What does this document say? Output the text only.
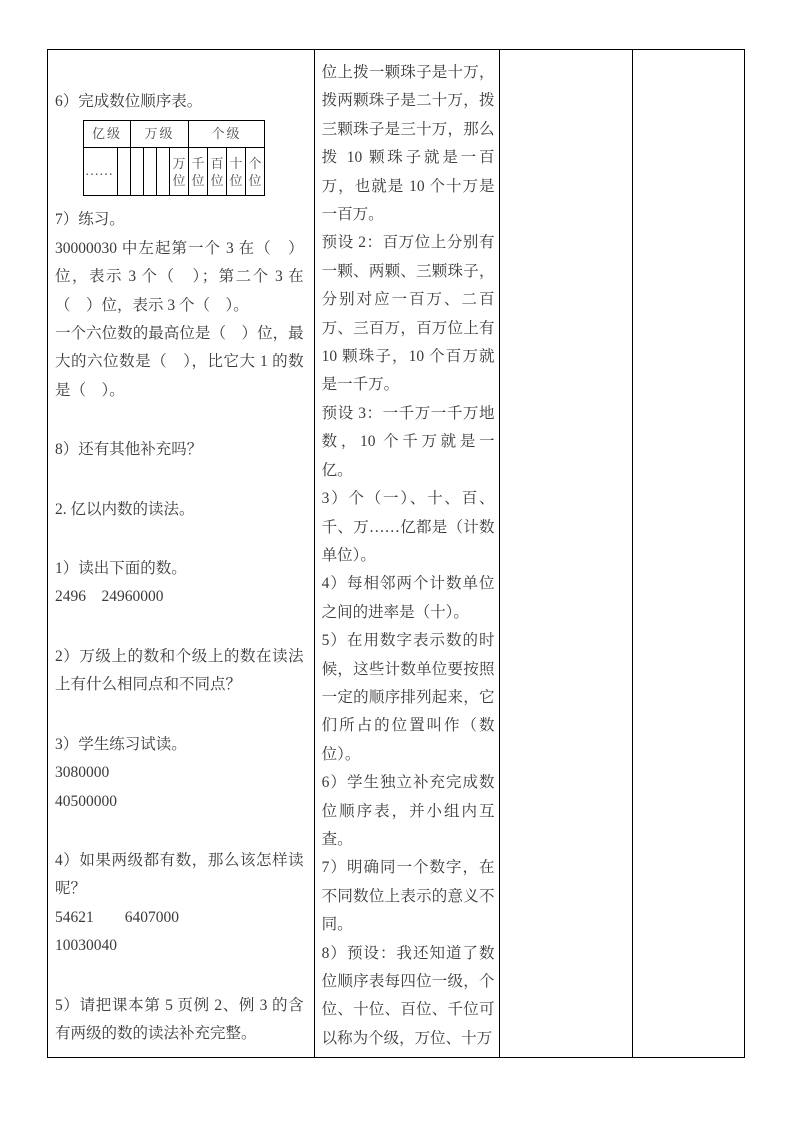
6）完成数位顺序表。
亿级	万级	个级
……					万位	千位	百位	十位	个位
7）练习。
30000030 中左起第一个 3 在（　）位，表示 3 个（　）；第二个 3 在（　）位，表示 3 个（　）。
一个六位数的最高位是（　）位，最大的六位数是（　），比它大 1 的数是（　）。
8）还有其他补充吗？
2. 亿以内数的读法。
1）读出下面的数。
2496　24960000
2）万级上的数和个级上的数在读法上有什么相同点和不同点？
3）学生练习试读。
3080000
40500000
4）如果两级都有数，那么该怎样读呢？
54621　　6407000
10030040
5）请把课本第 5 页例 2、例 3 的含有两级的数的读法补充完整。

位上拨一颗珠子是十万，拨两颗珠子是二十万，拨三颗珠子是三十万，那么拨 10 颗珠子就是一百万，也就是 10 个十万是一百万。
预设 2：百万位上分别有一颗、两颗、三颗珠子，分别对应一百万、二百万、三百万，百万位上有 10 颗珠子，10 个百万就是一千万。
预设 3：一千万一千万地数，10 个千万就是一亿。
3）个（一）、十、百、千、万……亿都是（计数单位）。
4）每相邻两个计数单位之间的进率是（十）。
5）在用数字表示数的时候，这些计数单位要按照一定的顺序排列起来，它们所占的位置叫作（数位）。
6）学生独立补充完成数位顺序表，并小组内互查。
7）明确同一个数字，在不同数位上表示的意义不同。
8）预设：我还知道了数位顺序表每四位一级，个位、十位、百位、千位可以称为个级，万位、十万
